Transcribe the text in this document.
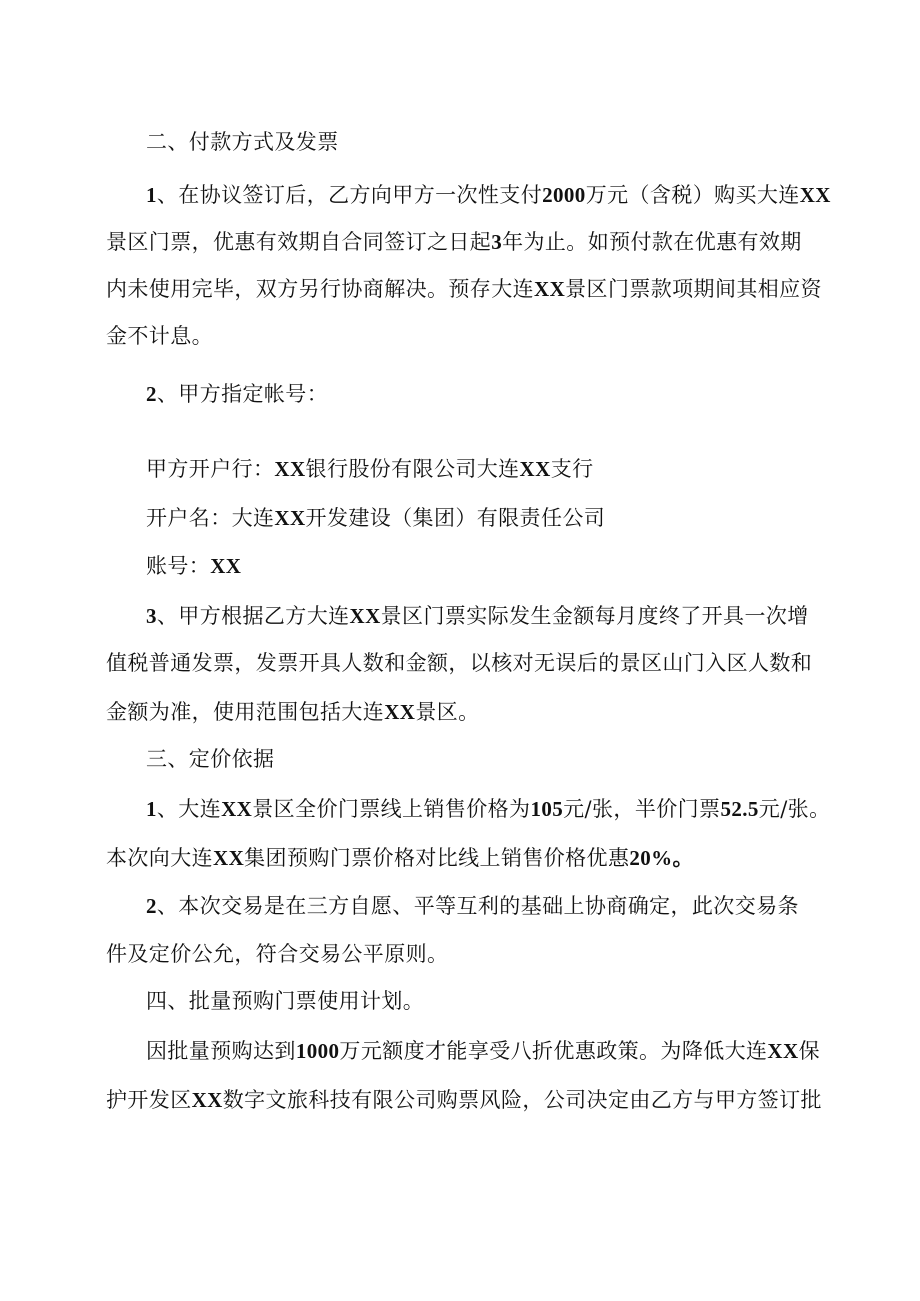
二、付款方式及发票
1、在协议签订后，乙方向甲方一次性支付2000万元（含税）购买大连XX
景区门票，优惠有效期自合同签订之日起3年为止。如预付款在优惠有效期
内未使用完毕，双方另行协商解决。预存大连XX景区门票款项期间其相应资
金不计息。
2、甲方指定帐号：
甲方开户行：XX银行股份有限公司大连XX支行
开户名：大连XX开发建设（集团）有限责任公司
账号：XX
3、甲方根据乙方大连XX景区门票实际发生金额每月度终了开具一次增
值税普通发票，发票开具人数和金额，以核对无误后的景区山门入区人数和
金额为准，使用范围包括大连XX景区。
三、定价依据
1、大连XX景区全价门票线上销售价格为105元/张，半价门票52.5元/张。
本次向大连XX集团预购门票价格对比线上销售价格优惠20%。
2、本次交易是在三方自愿、平等互利的基础上协商确定，此次交易条
件及定价公允，符合交易公平原则。
四、批量预购门票使用计划。
因批量预购达到1000万元额度才能享受八折优惠政策。为降低大连XX保
护开发区XX数字文旅科技有限公司购票风险，公司决定由乙方与甲方签订批
